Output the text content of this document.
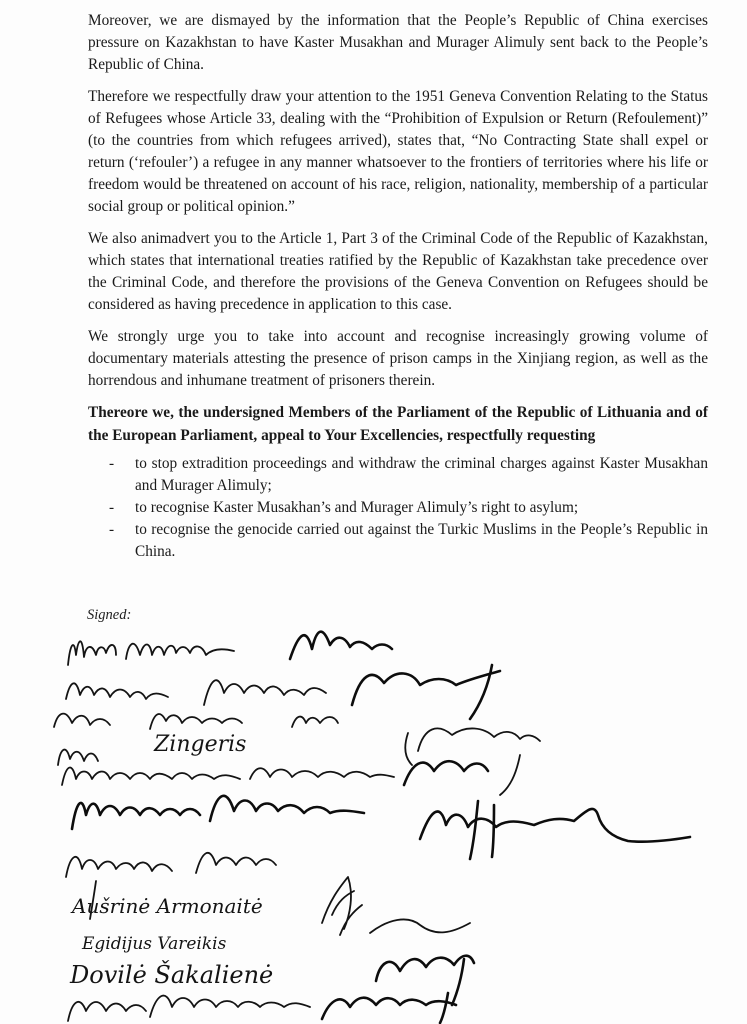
Moreover, we are dismayed by the information that the People’s Republic of China exercises pressure on Kazakhstan to have Kaster Musakhan and Murager Alimuly sent back to the People’s Republic of China.

Therefore we respectfully draw your attention to the 1951 Geneva Convention Relating to the Status of Refugees whose Article 33, dealing with the “Prohibition of Expulsion or Return (Refoulement)” (to the countries from which refugees arrived), states that, “No Contracting State shall expel or return (‘refouler’) a refugee in any manner whatsoever to the frontiers of territories where his life or freedom would be threatened on account of his race, religion, nationality, membership of a particular social group or political opinion.”

We also animadvert you to the Article 1, Part 3 of the Criminal Code of the Republic of Kazakhstan, which states that international treaties ratified by the Republic of Kazakhstan take precedence over the Criminal Code, and therefore the provisions of the Geneva Convention on Refugees should be considered as having precedence in application to this case.

We strongly urge you to take into account and recognise increasingly growing volume of documentary materials attesting the presence of prison camps in the Xinjiang region, as well as the horrendous and inhumane treatment of prisoners therein.

Thereore we, the undersigned Members of the Parliament of the Republic of Lithuania and of the European Parliament, appeal to Your Excellencies, respectfully requesting

- to stop extradition proceedings and withdraw the criminal charges against Kaster Musakhan and Murager Alimuly;
- to recognise Kaster Musakhan’s and Murager Alimuly’s right to asylum;
- to recognise the genocide carried out against the Turkic Muslims in the People’s Republic in China.
Signed:
Zingeris
Aušrinė Armonaitė
Egidijus Vareikis
Dovilė Šakalienė
